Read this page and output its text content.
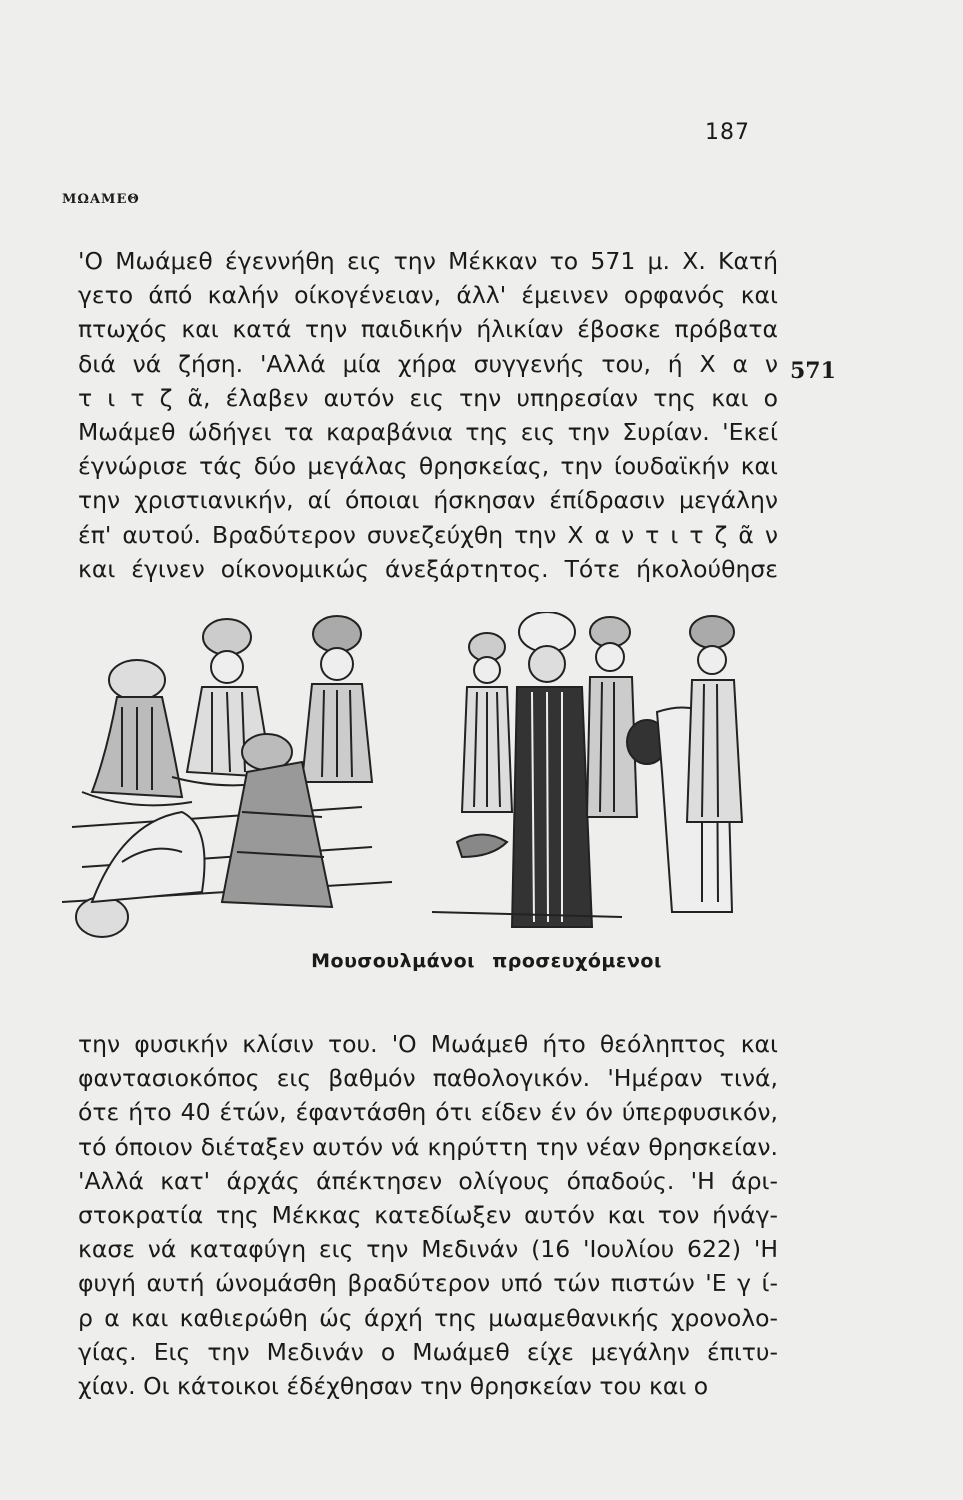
187
ΜΩΑΜΕΘ
571
'Ο Μωάμεθ έγεννήθη εις την Μέκκαν το 571 μ. Χ. Κατή
γετο άπό καλήν οίκογένειαν, άλλ' έμεινεν ορφανός και
πτωχός και κατά την παιδικήν ήλικίαν έβοσκε πρόβατα
διά νά ζήση. 'Αλλά μία χήρα συγγενής του, ή Χ α ν
τ ι τ ζ ᾶ, έλαβεν αυτόν εις την υπηρεσίαν της και ο
Μωάμεθ ώδήγει τα καραβάνια της εις την Συρίαν. 'Εκεί
έγνώρισε τάς δύο μεγάλας θρησκείας, την ίουδαϊκήν και
την χριστιανικήν, αί όποιαι ήσκησαν έπίδρασιν μεγάλην
έπ' αυτού. Βραδύτερον συνεζεύχθη την Χ α ν τ ι τ ζ ᾶ ν
και έγινεν οίκονομικώς άνεξάρτητος. Τότε ήκολούθησε
Μουσουλμάνοι προσευχόμενοι
την φυσικήν κλίσιν του. 'Ο Μωάμεθ ήτο θεόληπτος και
φαντασιοκόπος εις βαθμόν παθολογικόν. 'Ημέραν τινά,
ότε ήτο 40 έτών, έφαντάσθη ότι είδεν έν όν ύπερφυσικόν,
τό όποιον διέταξεν αυτόν νά κηρύττη την νέαν θρησκείαν.
'Αλλά κατ' άρχάς άπέκτησεν ολίγους όπαδούς. 'Η άρι-
στοκρατία της Μέκκας κατεδίωξεν αυτόν και τον ήνάγ-
κασε νά καταφύγη εις την Μεδινάν (16 'Ιουλίου 622) 'Η
φυγή αυτή ώνομάσθη βραδύτερον υπό τών πιστών 'Ε γ ί-
ρ α και καθιερώθη ώς άρχή της μωαμεθανικής χρονολο-
γίας. Εις την Μεδινάν ο Μωάμεθ είχε μεγάλην έπιτυ-
χίαν. Οι κάτοικοι έδέχθησαν την θρησκείαν του και ο
